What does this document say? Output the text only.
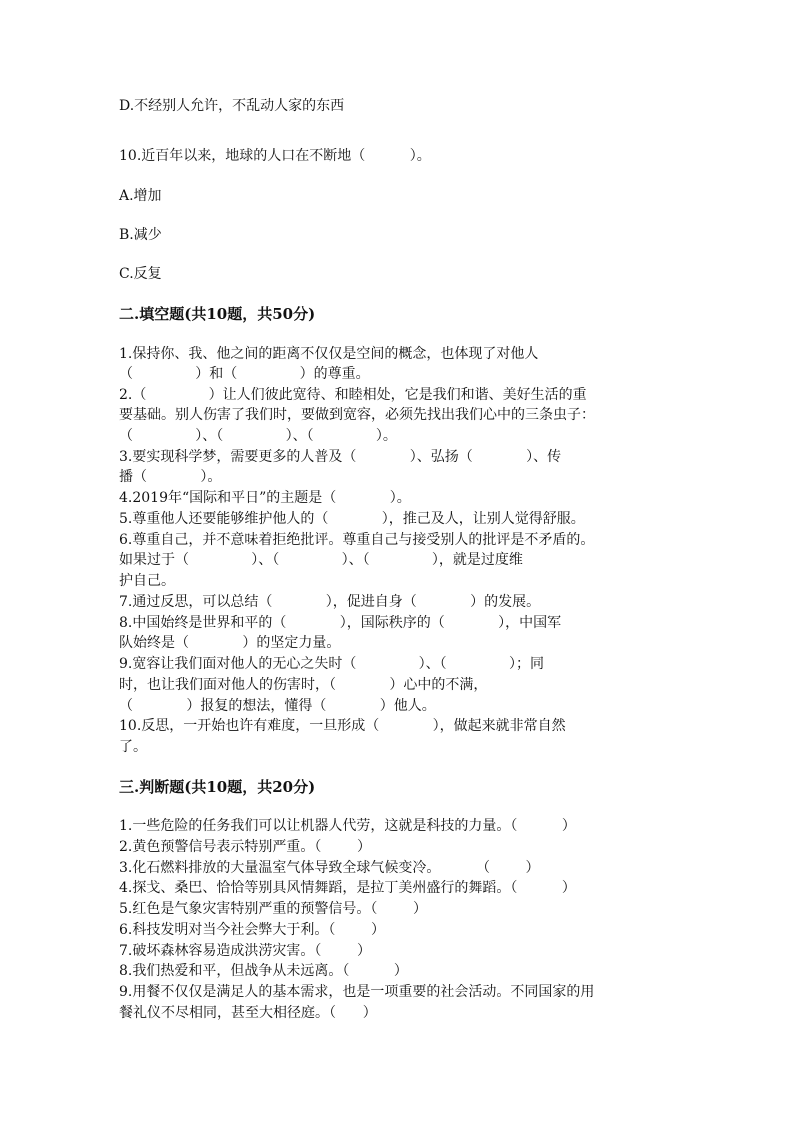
D.不经别人允许，不乱动人家的东西
10.近百年以来，地球的人口在不断地（          ）。
A.增加
B.减少
C.反复
二.填空题(共10题，共50分)
1.保持你、我、他之间的距离不仅仅是空间的概念，也体现了对他人
（              ）和（              ）的尊重。
2.（              ）让人们彼此宽待、和睦相处，它是我们和谐、美好生活的重
要基础。别人伤害了我们时，要做到宽容，必须先找出我们心中的三条虫子：
（              ）、（              ）、（              ）。
3.要实现科学梦，需要更多的人普及（            ）、弘扬（            ）、传
播（            ）。
4.2019年“国际和平日”的主题是（            ）。
5.尊重他人还要能够维护他人的（            ），推己及人，让别人觉得舒服。
6.尊重自己，并不意味着拒绝批评。尊重自己与接受别人的批评是不矛盾的。
如果过于（              ）、（              ）、（              ），就是过度维
护自己。
7.通过反思，可以总结（            ），促进自身（            ）的发展。
8.中国始终是世界和平的（            ），国际秩序的（            ），中国军
队始终是（            ）的坚定力量。
9.宽容让我们面对他人的无心之失时（              ）、（              ）；同
时，也让我们面对他人的伤害时，（            ）心中的不满，
（            ）报复的想法，懂得（            ）他人。
10.反思，一开始也许有难度，一旦形成（            ），做起来就非常自然
了。
三.判断题(共10题，共20分)
1.一些危险的任务我们可以让机器人代劳，这就是科技的力量。（          ）
2.黄色预警信号表示特别严重。（        ）
3.化石燃料排放的大量温室气体导致全球气候变冷。        （        ）
4.探戈、桑巴、恰恰等别具风情舞蹈，是拉丁美州盛行的舞蹈。（          ）
5.红色是气象灾害特别严重的预警信号。（        ）
6.科技发明对当今社会弊大于利。（        ）
7.破坏森林容易造成洪涝灾害。（        ）
8.我们热爱和平，但战争从未远离。（          ）
9.用餐不仅仅是满足人的基本需求，也是一项重要的社会活动。不同国家的用
餐礼仪不尽相同，甚至大相径庭。（      ）
